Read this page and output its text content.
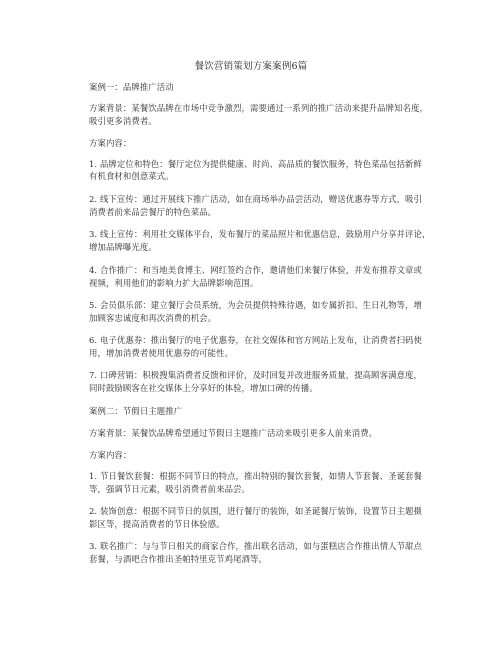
餐饮营销策划方案案例6篇
案例一：品牌推广活动
方案背景：某餐饮品牌在市场中竞争激烈，需要通过一系列的推广活动来提升品牌知名度，
吸引更多消费者。
方案内容：
1. 品牌定位和特色：餐厅定位为提供健康、时尚、高品质的餐饮服务，特色菜品包括新鲜
有机食材和创意菜式。
2. 线下宣传：通过开展线下推广活动，如在商场举办品尝活动，赠送优惠券等方式，吸引
消费者前来品尝餐厅的特色菜品。
3. 线上宣传：利用社交媒体平台，发布餐厅的菜品照片和优惠信息，鼓励用户分享并评论，
增加品牌曝光度。
4. 合作推广：和当地美食博主、网红签约合作，邀请他们来餐厅体验，并发布推荐文章或
视频，利用他们的影响力扩大品牌影响范围。
5. 会员俱乐部：建立餐厅会员系统，为会员提供特殊待遇，如专属折扣、生日礼物等，增
加顾客忠诚度和再次消费的机会。
6. 电子优惠券：推出餐厅的电子优惠券，在社交媒体和官方网站上发布，让消费者扫码使
用，增加消费者使用优惠券的可能性。
7. 口碑营销：积极搜集消费者反馈和评价，及时回复并改进服务质量，提高顾客满意度，
同时鼓励顾客在社交媒体上分享好的体验，增加口碑的传播。
案例二：节假日主题推广
方案背景：某餐饮品牌希望通过节假日主题推广活动来吸引更多人前来消费。
方案内容：
1. 节日餐饮套餐：根据不同节日的特点，推出特别的餐饮套餐，如情人节套餐、圣诞套餐
等，强调节日元素，吸引消费者前来品尝。
2. 装饰创意：根据不同节日的氛围，进行餐厅的装饰，如圣诞餐厅装饰，设置节日主题摄
影区等，提高消费者的节日体验感。
3. 联名推广：与与节日相关的商家合作，推出联名活动，如与蛋糕店合作推出情人节甜点
套餐，与酒吧合作推出圣帕特里克节鸡尾酒等。
